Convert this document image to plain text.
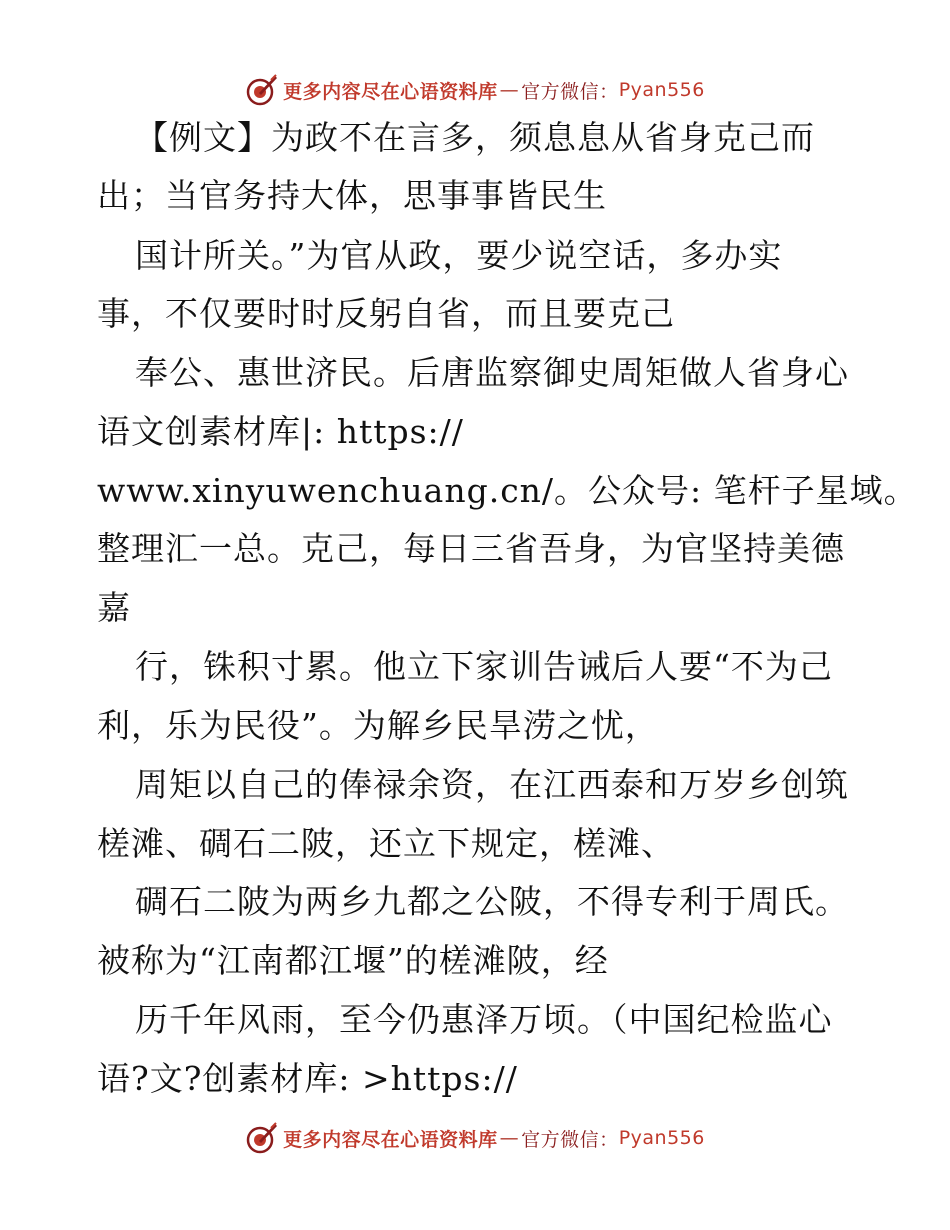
更多内容尽在心语资料库 — 官方微信： Pyan556
【例文】为政不在言多，须息息从省身克己而
出；当官务持大体，思事事皆民生
国计所关。”为官从政，要少说空话，多办实
事，不仅要时时反躬自省，而且要克己
奉公、惠世济民。后唐监察御史周矩做人省身心
语文创素材库|: https://
www.xinyuwenchuang.cn/。公众号: 笔杆子星域。
整理汇一总。克己，每日三省吾身，为官坚持美德
嘉
行，铢积寸累。他立下家训告诫后人要“不为己
利，乐为民役”。为解乡民旱涝之忧，
周矩以自己的俸禄余资，在江西泰和万岁乡创筑
槎滩、碉石二陂，还立下规定，槎滩、
碉石二陂为两乡九都之公陂，不得专利于周氏。
被称为“江南都江堰”的槎滩陂，经
历千年风雨，至今仍惠泽万顷。（中国纪检监心
语?文?创素材库: >https://
更多内容尽在心语资料库 — 官方微信： Pyan556
